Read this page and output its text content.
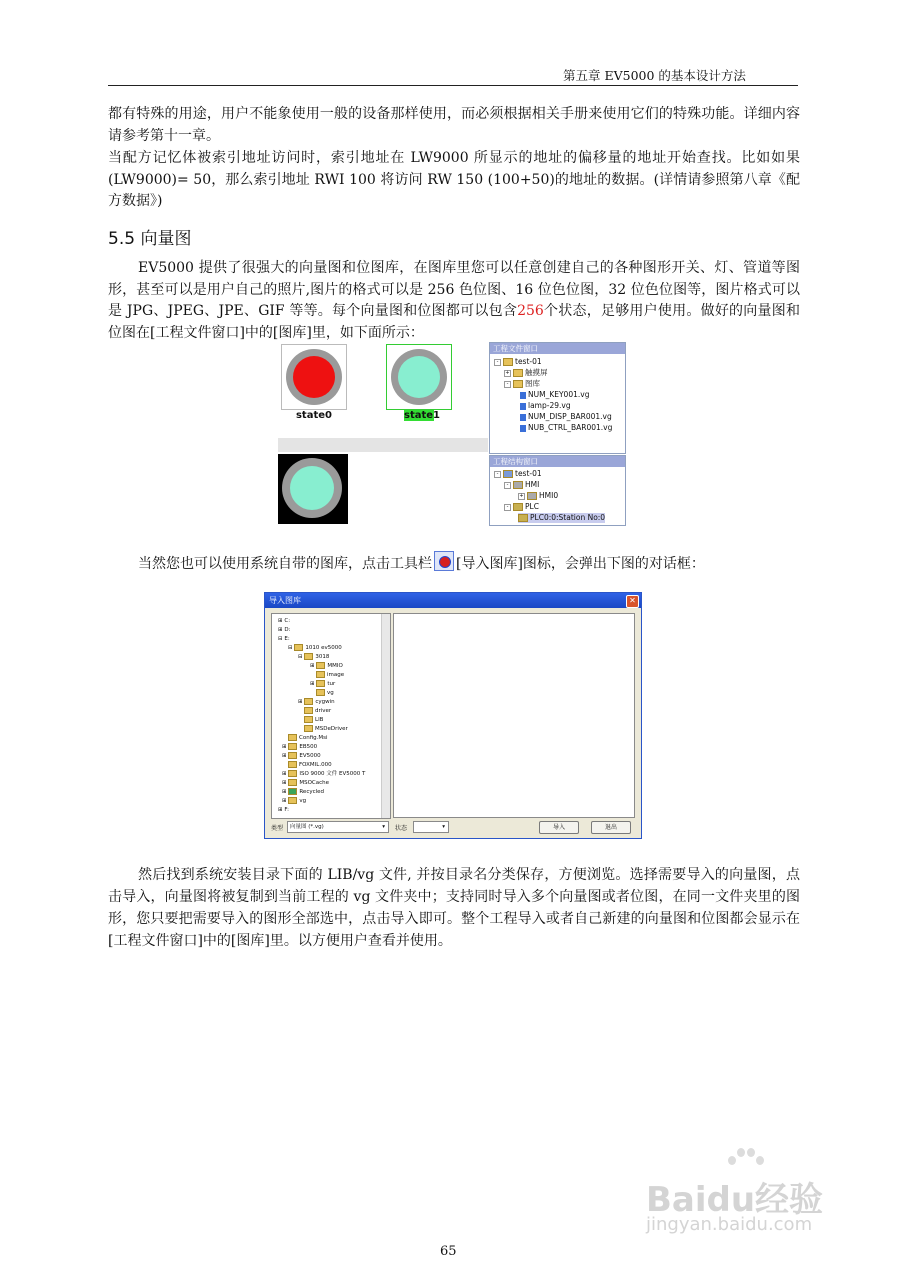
第五章 EV5000 的基本设计方法

都有特殊的用途，用户不能象使用一般的设备那样使用，而必须根据相关手册来使用它们的特殊功能。详细内容请参考第十一章。

当配方记忆体被索引地址访问时，索引地址在 LW9000 所显示的地址的偏移量的地址开始查找。比如如果(LW9000)= 50，那么索引地址 RWI 100 将访问 RW 150 (100+50)的地址的数据。(详情请参照第八章《配方数据》)

5.5 向量图

EV5000 提供了很强大的向量图和位图库，在图库里您可以任意创建自己的各种图形开关、灯、管道等图形，甚至可以是用户自己的照片,图片的格式可以是 256 色位图、16 位色位图，32 位色位图等，图片格式可以是 JPG、JPEG、JPE、GIF 等等。每个向量图和位图都可以包含256个状态，足够用户使用。做好的向量图和位图在[工程文件窗口]中的[图库]里，如下面所示：

state0	state1
工程文件窗口
- test-01
+ 触摸屏
- 图库
NUM_KEY001.vg
lamp-29.vg
NUM_DISP_BAR001.vg
NUB_CTRL_BAR001.vg
工程结构窗口
- test-01
- HMI
+ HMI0
- PLC
PLC0:0:Station No:0

当然您也可以使用系统自带的图库，点击工具栏 [导入图库]图标，会弹出下图的对话框：

导入图库	✕
⊞ C:
⊞ D:
⊟ E:
⊟ 1010 ev5000
⊟ 3018
⊞ MMIO
image
⊞ tur
vg
⊞ cygwin
driver
LIB
MSDeDriver
Config.Msi
⊞ EB500
⊞ EV5000
FOXMIL.000
⊞ ISO 9000 文件 EV5000 T
⊞ MSOCache
⊞ Recycled
⊞ vg
⊞ F:
类型	向量图 (*.vg)	▾ 状态	▾	导入	退出

然后找到系统安装目录下面的 LIB/vg 文件, 并按目录名分类保存，方便浏览。选择需要导入的向量图，点击导入，向量图将被复制到当前工程的 vg 文件夹中；支持同时导入多个向量图或者位图，在同一文件夹里的图形，您只要把需要导入的图形全部选中，点击导入即可。整个工程导入或者自己新建的向量图和位图都会显示在[工程文件窗口]中的[图库]里。以方便用户查看并使用。

Baidu经验
jingyan.baidu.com
65
